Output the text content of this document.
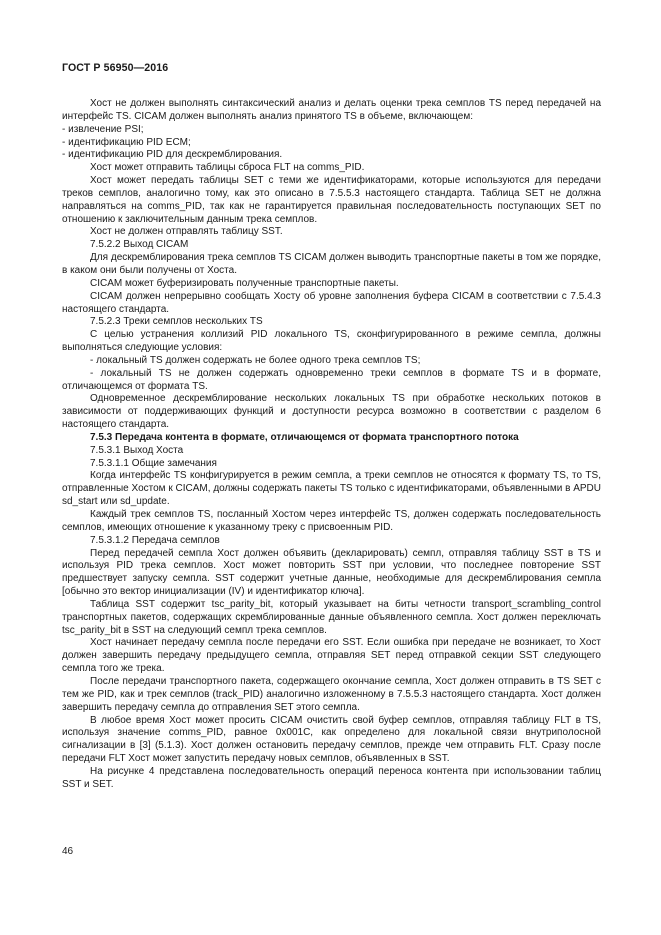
ГОСТ Р 56950—2016

Хост не должен выполнять синтаксический анализ и делать оценки трека семплов TS перед передачей на интерфейс TS. CICAM должен выполнять анализ принятого TS в объеме, включающем:

- извлечение PSI;

- идентификацию PID ECM;

- идентификацию PID для дескремблирования.

Хост может отправить таблицы сброса FLT на comms_PID.

Хост может передать таблицы SET с теми же идентификаторами, которые используются для передачи треков семплов, аналогично тому, как это описано в 7.5.5.3 настоящего стандарта. Таблица SET не должна направляться на comms_PID, так как не гарантируется правильная последовательность поступающих SET по отношению к заключительным данным трека семплов.

Хост не должен отправлять таблицу SST.

7.5.2.2 Выход CICAM

Для дескремблирования трека семплов TS CICAM должен выводить транспортные пакеты в том же порядке, в каком они были получены от Хоста.

CICAM может буферизировать полученные транспортные пакеты.

CICAM должен непрерывно сообщать Хосту об уровне заполнения буфера CICAM в соответствии с 7.5.4.3 настоящего стандарта.

7.5.2.3 Треки семплов нескольких TS

С целью устранения коллизий PID локального TS, сконфигурированного в режиме семпла, должны выполняться следующие условия:

- локальный TS должен содержать не более одного трека семплов TS;

- локальный TS не должен содержать одновременно треки семплов в формате TS и в формате, отличающемся от формата TS.

Одновременное дескремблирование нескольких локальных TS при обработке нескольких потоков в зависимости от поддерживающих функций и доступности ресурса возможно в соответствии с разделом 6 настоящего стандарта.

7.5.3 Передача контента в формате, отличающемся от формата транспортного потока

7.5.3.1 Выход Хоста

7.5.3.1.1 Общие замечания

Когда интерфейс TS конфигурируется в режим семпла, а треки семплов не относятся к формату TS, то TS, отправленные Хостом к CICAM, должны содержать пакеты TS только с идентификаторами, объявленными в APDU sd_start или sd_update.

Каждый трек семплов TS, посланный Хостом через интерфейс TS, должен содержать последовательность семплов, имеющих отношение к указанному треку с присвоенным PID.

7.5.3.1.2 Передача семплов

Перед передачей семпла Хост должен объявить (декларировать) семпл, отправляя таблицу SST в TS и используя PID трека семплов. Хост может повторить SST при условии, что последнее повторение SST предшествует запуску семпла. SST содержит учетные данные, необходимые для дескремблирования семпла [обычно это вектор инициализации (IV) и идентификатор ключа].

Таблица SST содержит tsc_parity_bit, который указывает на биты четности transport_scrambling_control транспортных пакетов, содержащих скремблированные данные объявленного семпла. Хост должен переключать tsc_parity_bit в SST на следующий семпл трека семплов.

Хост начинает передачу семпла после передачи его SST. Если ошибка при передаче не возникает, то Хост должен завершить передачу предыдущего семпла, отправляя SET перед отправкой секции SST следующего семпла того же трека.

После передачи транспортного пакета, содержащего окончание семпла, Хост должен отправить в TS SET с тем же PID, как и трек семплов (track_PID) аналогично изложенному в 7.5.5.3 настоящего стандарта. Хост должен завершить передачу семпла до отправления SET этого семпла.

В любое время Хост может просить CICAM очистить свой буфер семплов, отправляя таблицу FLT в TS, используя значение comms_PID, равное 0x001C, как определено для локальной связи внутриполосной сигнализации в [3] (5.1.3). Хост должен остановить передачу семплов, прежде чем отправить FLT. Сразу после передачи FLT Хост может запустить передачу новых семплов, объявленных в SST.

На рисунке 4 представлена последовательность операций переноса контента при использовании таблиц SST и SET.

46
